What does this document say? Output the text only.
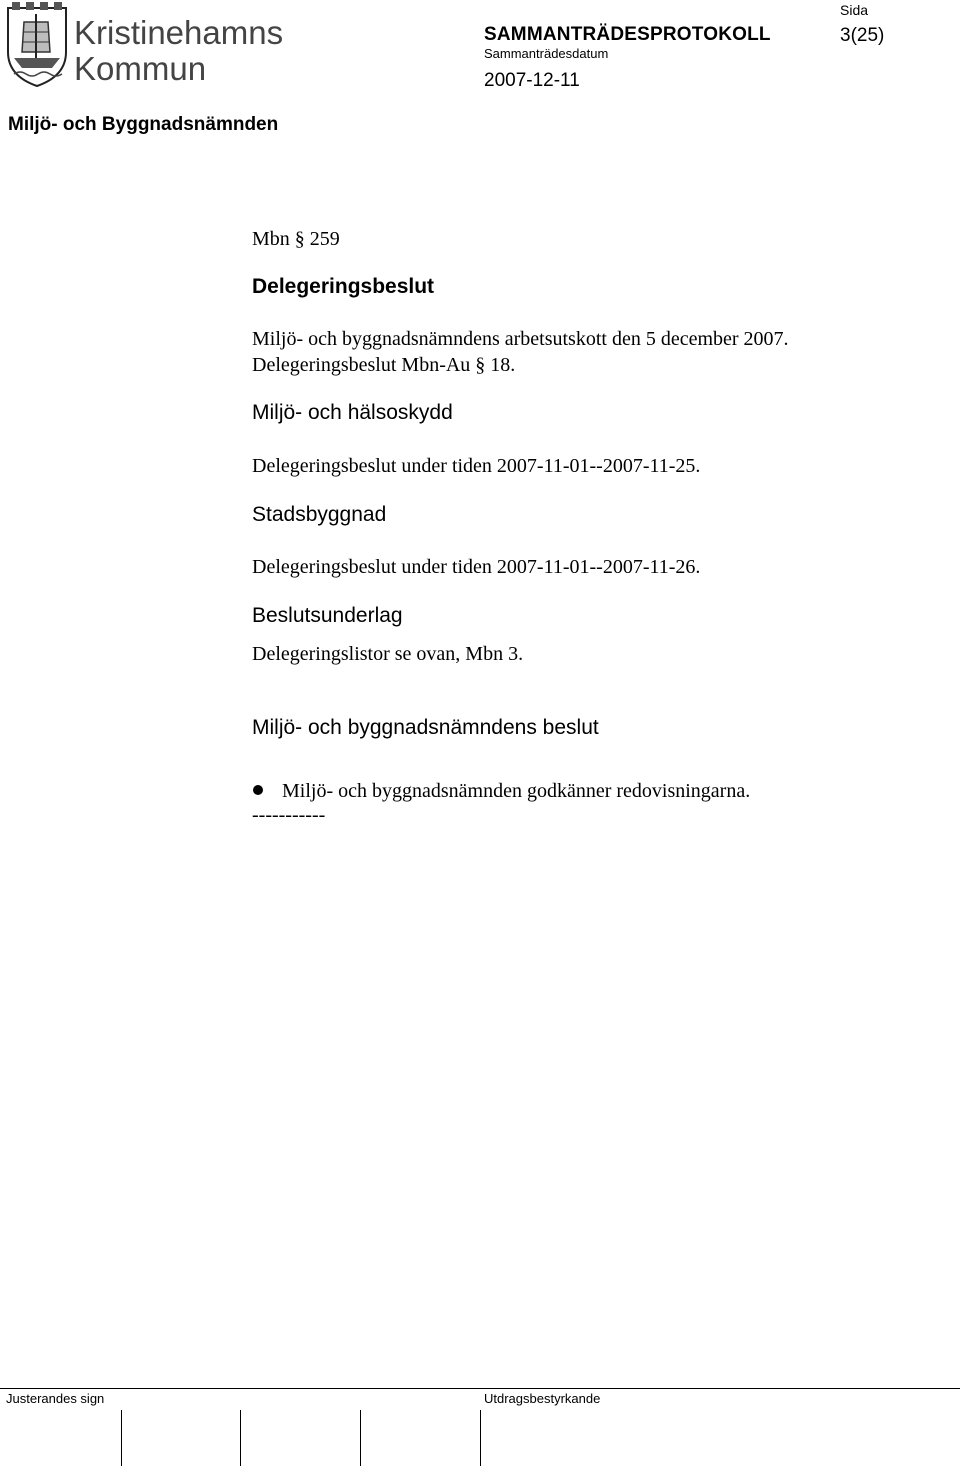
Kristinehamns
Kommun
Sida
SAMMANTRÄDESPROTOKOLL	3(25)
Sammanträdesdatum
2007-12-11
Miljö- och Byggnadsnämnden
Mbn § 259
Delegeringsbeslut
Miljö- och byggnadsnämndens arbetsutskott den 5 december 2007. Delegeringsbeslut Mbn-Au § 18.
Miljö- och hälsoskydd
Delegeringsbeslut under tiden 2007-11-01--2007-11-25.
Stadsbyggnad
Delegeringsbeslut under tiden 2007-11-01--2007-11-26.
Beslutsunderlag
Delegeringslistor se ovan, Mbn 3.
Miljö- och byggnadsnämndens beslut
Miljö- och byggnadsnämnden godkänner redovisningarna.
-----------
Justerandes sign	Utdragsbestyrkande
